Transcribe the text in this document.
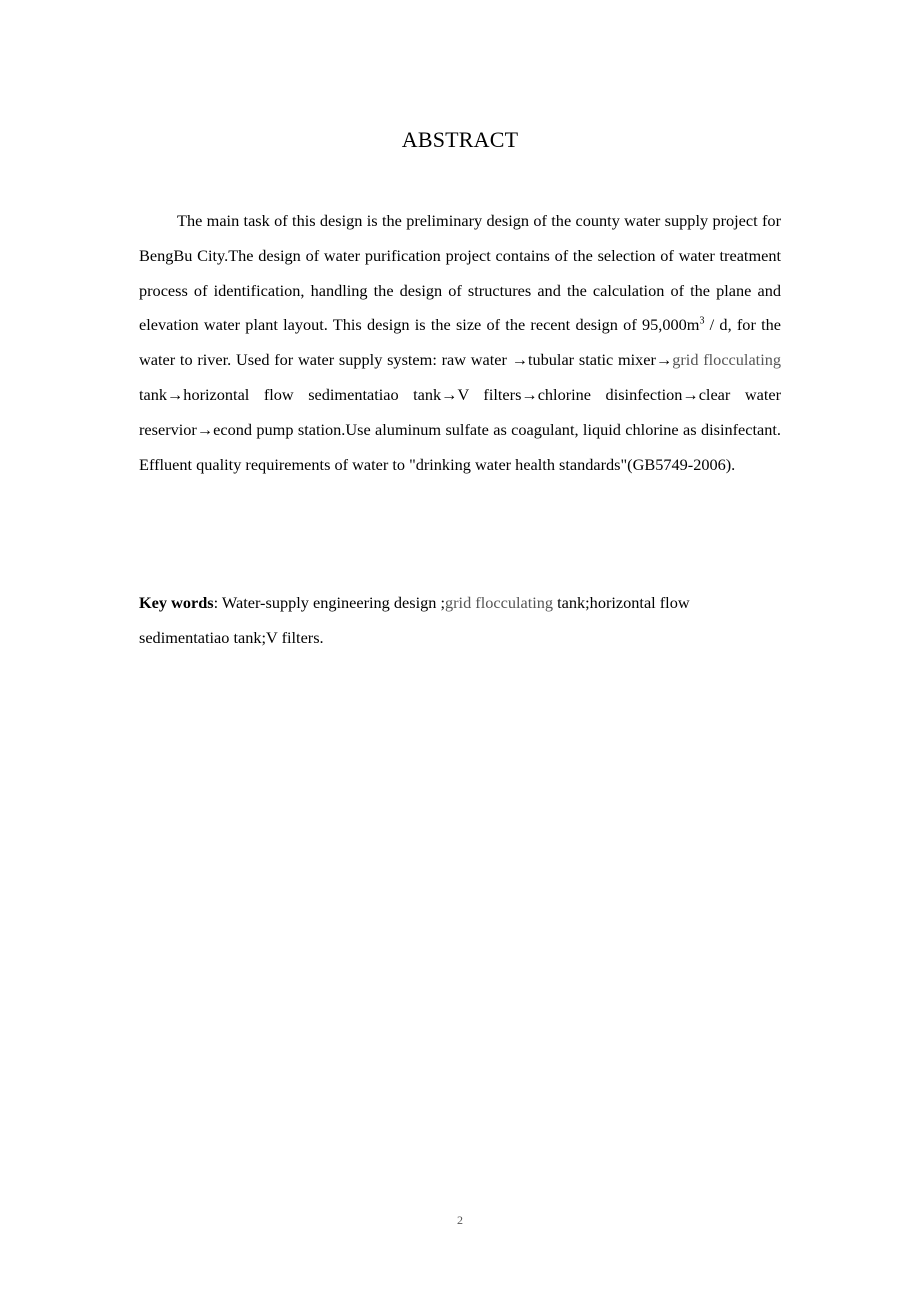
ABSTRACT

The main task of this design is the preliminary design of the county water supply project for BengBu City.The design of water purification project contains of the selection of water treatment process of identification, handling the design of structures and the calculation of the plane and elevation water plant layout. This design is the size of the recent design of $95,000m^3$ / d, for the water to river. Used for water supply system: raw water →tubular static mixer→grid flocculating tank→horizontal flow sedimentatiao tank→V filters→chlorine disinfection→clear water reservior→econd pump station.Use aluminum sulfate as coagulant, liquid chlorine as disinfectant. Effluent quality requirements of water to "drinking water health standards"(GB5749-2006).

Key words: Water-supply engineering design ;grid flocculating tank;horizontal flow sedimentatiao tank;V filters.

2
